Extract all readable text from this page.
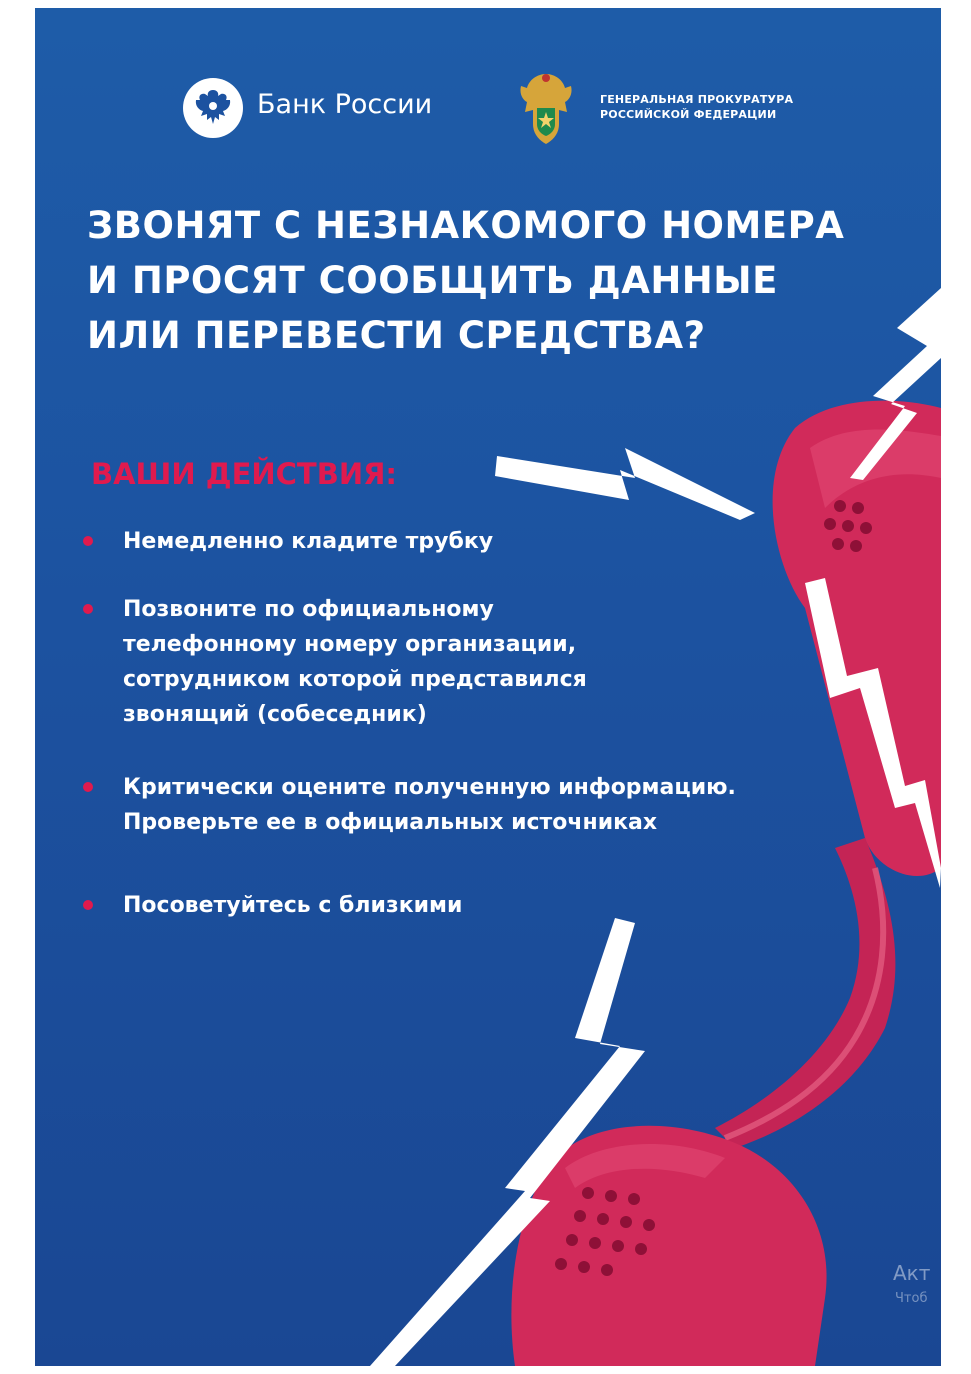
Банк России	ГЕНЕРАЛЬНАЯ ПРОКУРАТУРА
РОССИЙСКОЙ ФЕДЕРАЦИИ
ЗВОНЯТ С НЕЗНАКОМОГО НОМЕРА
И ПРОСЯТ СООБЩИТЬ ДАННЫЕ
ИЛИ ПЕРЕВЕСТИ СРЕДСТВА?
ВАШИ ДЕЙСТВИЯ:
Немедленно кладите трубку
Позвоните по официальному
телефонному номеру организации,
сотрудником которой представился
звонящий (собеседник)
Критически оцените полученную информацию.
Проверьте ее в официальных источниках
Посоветуйтесь с близкими
Акт
Чтоб
